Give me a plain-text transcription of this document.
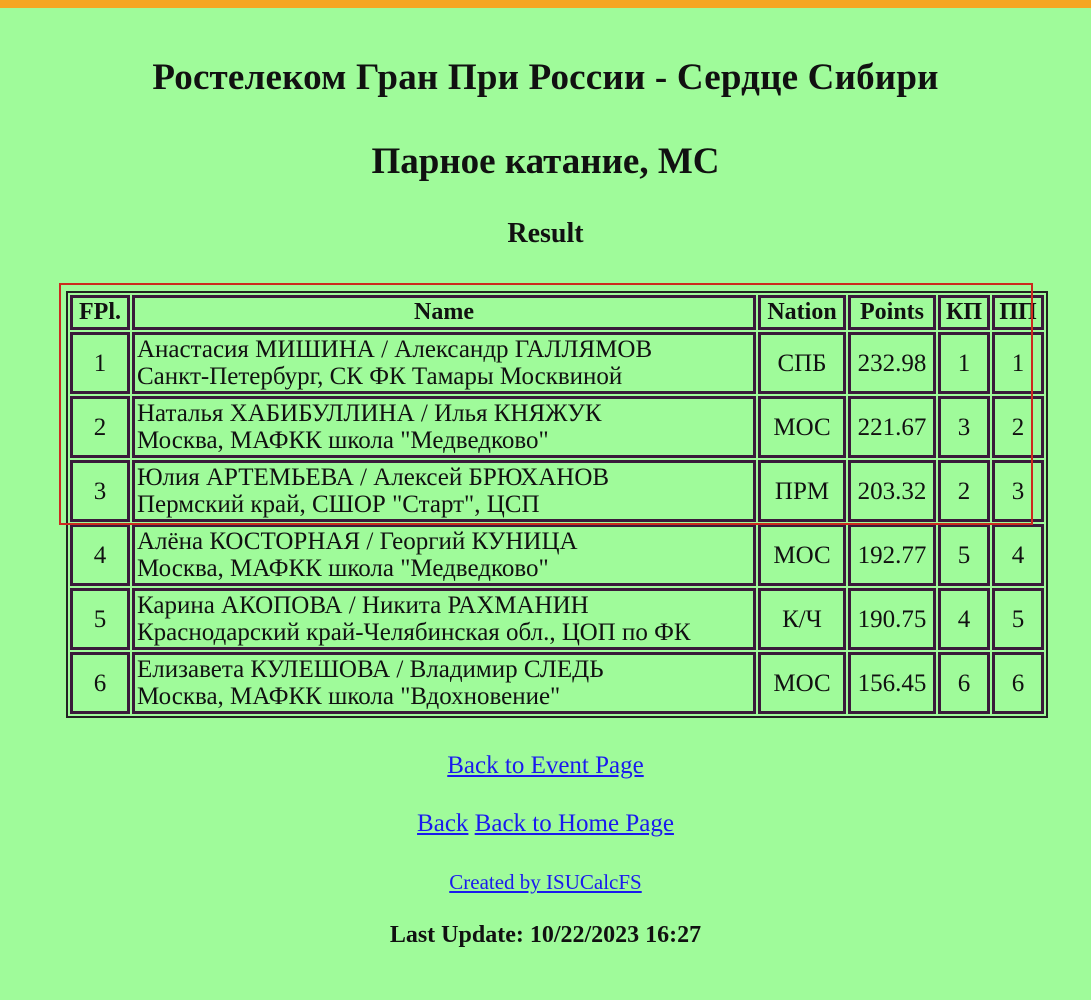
Ростелеком Гран При России - Сердце Сибири
Парное катание, МС
Result
FPl.	Name	Nation	Points	КП	ПП
1	Анастасия МИШИНА / Александр ГАЛЛЯМОВ
Санкт-Петербург, СК ФК Тамары Москвиной	СПБ	232.98	1	1
2	Наталья ХАБИБУЛЛИНА / Илья КНЯЖУК
Москва, МАФКК школа "Медведково"	МОС	221.67	3	2
3	Юлия АРТЕМЬЕВА / Алексей БРЮХАНОВ
Пермский край, СШОР "Старт", ЦСП	ПРМ	203.32	2	3
4	Алёна КОСТОРНАЯ / Георгий КУНИЦА
Москва, МАФКК школа "Медведково"	МОС	192.77	5	4
5	Карина АКОПОВА / Никита РАХМАНИН
Краснодарский край-Челябинская обл., ЦОП по ФК	К/Ч	190.75	4	5
6	Елизавета КУЛЕШОВА / Владимир СЛЕДЬ
Москва, МАФКК школа "Вдохновение"	МОС	156.45	6	6
Back to Event Page
Back Back to Home Page
Created by ISUCalcFS
Last Update: 10/22/2023 16:27
